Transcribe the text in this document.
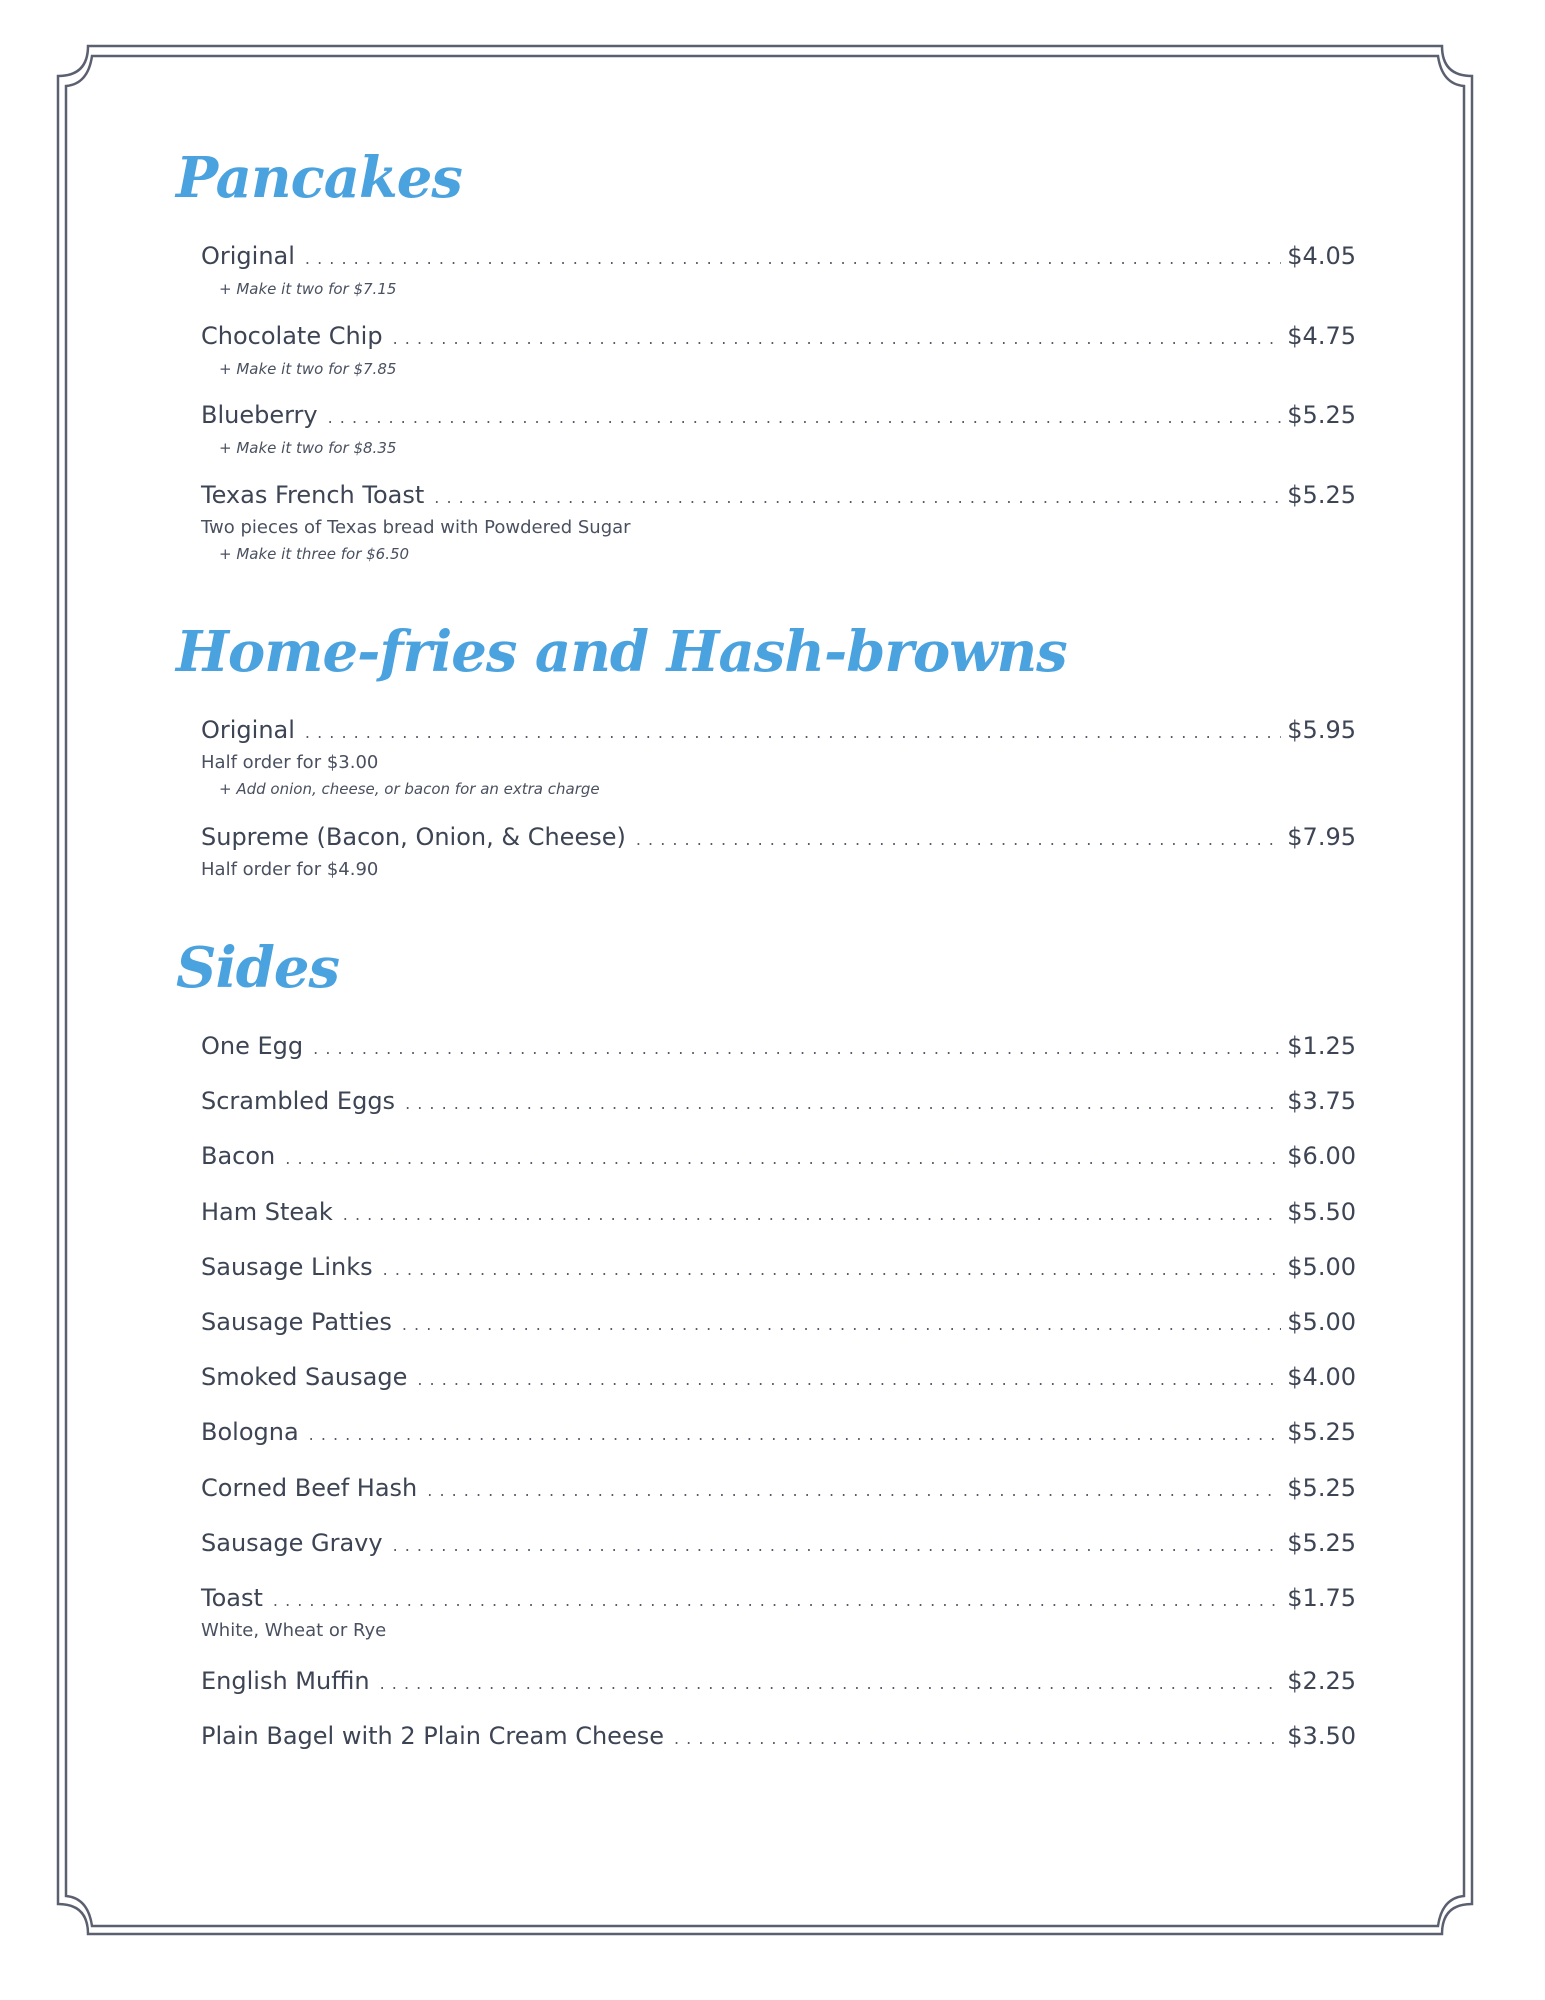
Pancakes
Original . . .	$4.05
+ Make it two for $7.15
Chocolate Chip . . .	$4.75
+ Make it two for $7.85
Blueberry . . .	$5.25
+ Make it two for $8.35
Texas French Toast . . .	$5.25
Two pieces of Texas bread with Powdered Sugar
+ Make it three for $6.50
Home-fries and Hash-browns
Original . . .	$5.95
Half order for $3.00
+ Add onion, cheese, or bacon for an extra charge
Supreme (Bacon, Onion, & Cheese) . . .	$7.95
Half order for $4.90
Sides
One Egg . . .	$1.25
Scrambled Eggs . . .	$3.75
Bacon . . .	$6.00
Ham Steak . . .	$5.50
Sausage Links . . .	$5.00
Sausage Patties . . .	$5.00
Smoked Sausage . . .	$4.00
Bologna . . .	$5.25
Corned Beef Hash . . .	$5.25
Sausage Gravy . . .	$5.25
Toast . . .	$1.75
White, Wheat or Rye
English Muffin . . .	$2.25
Plain Bagel with 2 Plain Cream Cheese . . .	$3.50
